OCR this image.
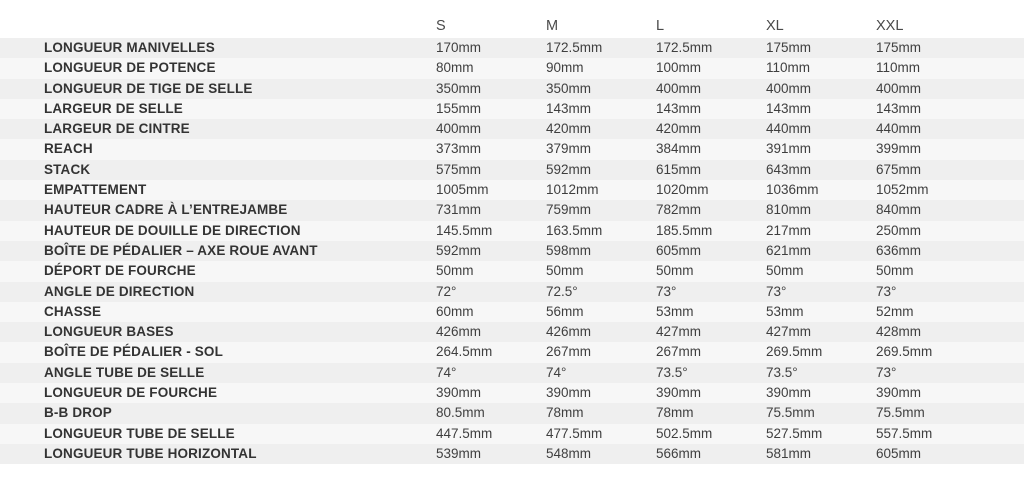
	S	M	L	XL	XXL

LONGUEUR MANIVELLES	170mm	172.5mm	172.5mm	175mm	175mm
LONGUEUR DE POTENCE	80mm	90mm	100mm	110mm	110mm
LONGUEUR DE TIGE DE SELLE	350mm	350mm	400mm	400mm	400mm
LARGEUR DE SELLE	155mm	143mm	143mm	143mm	143mm
LARGEUR DE CINTRE	400mm	420mm	420mm	440mm	440mm
REACH	373mm	379mm	384mm	391mm	399mm
STACK	575mm	592mm	615mm	643mm	675mm
EMPATTEMENT	1005mm	1012mm	1020mm	1036mm	1052mm
HAUTEUR CADRE À L’ENTREJAMBE	731mm	759mm	782mm	810mm	840mm
HAUTEUR DE DOUILLE DE DIRECTION	145.5mm	163.5mm	185.5mm	217mm	250mm
BOÎTE DE PÉDALIER – AXE ROUE AVANT	592mm	598mm	605mm	621mm	636mm
DÉPORT DE FOURCHE	50mm	50mm	50mm	50mm	50mm
ANGLE DE DIRECTION	72°	72.5°	73°	73°	73°
CHASSE	60mm	56mm	53mm	53mm	52mm
LONGUEUR BASES	426mm	426mm	427mm	427mm	428mm
BOÎTE DE PÉDALIER - SOL	264.5mm	267mm	267mm	269.5mm	269.5mm
ANGLE TUBE DE SELLE	74°	74°	73.5°	73.5°	73°
LONGUEUR DE FOURCHE	390mm	390mm	390mm	390mm	390mm
B-B DROP	80.5mm	78mm	78mm	75.5mm	75.5mm
LONGUEUR TUBE DE SELLE	447.5mm	477.5mm	502.5mm	527.5mm	557.5mm
LONGUEUR TUBE HORIZONTAL	539mm	548mm	566mm	581mm	605mm
